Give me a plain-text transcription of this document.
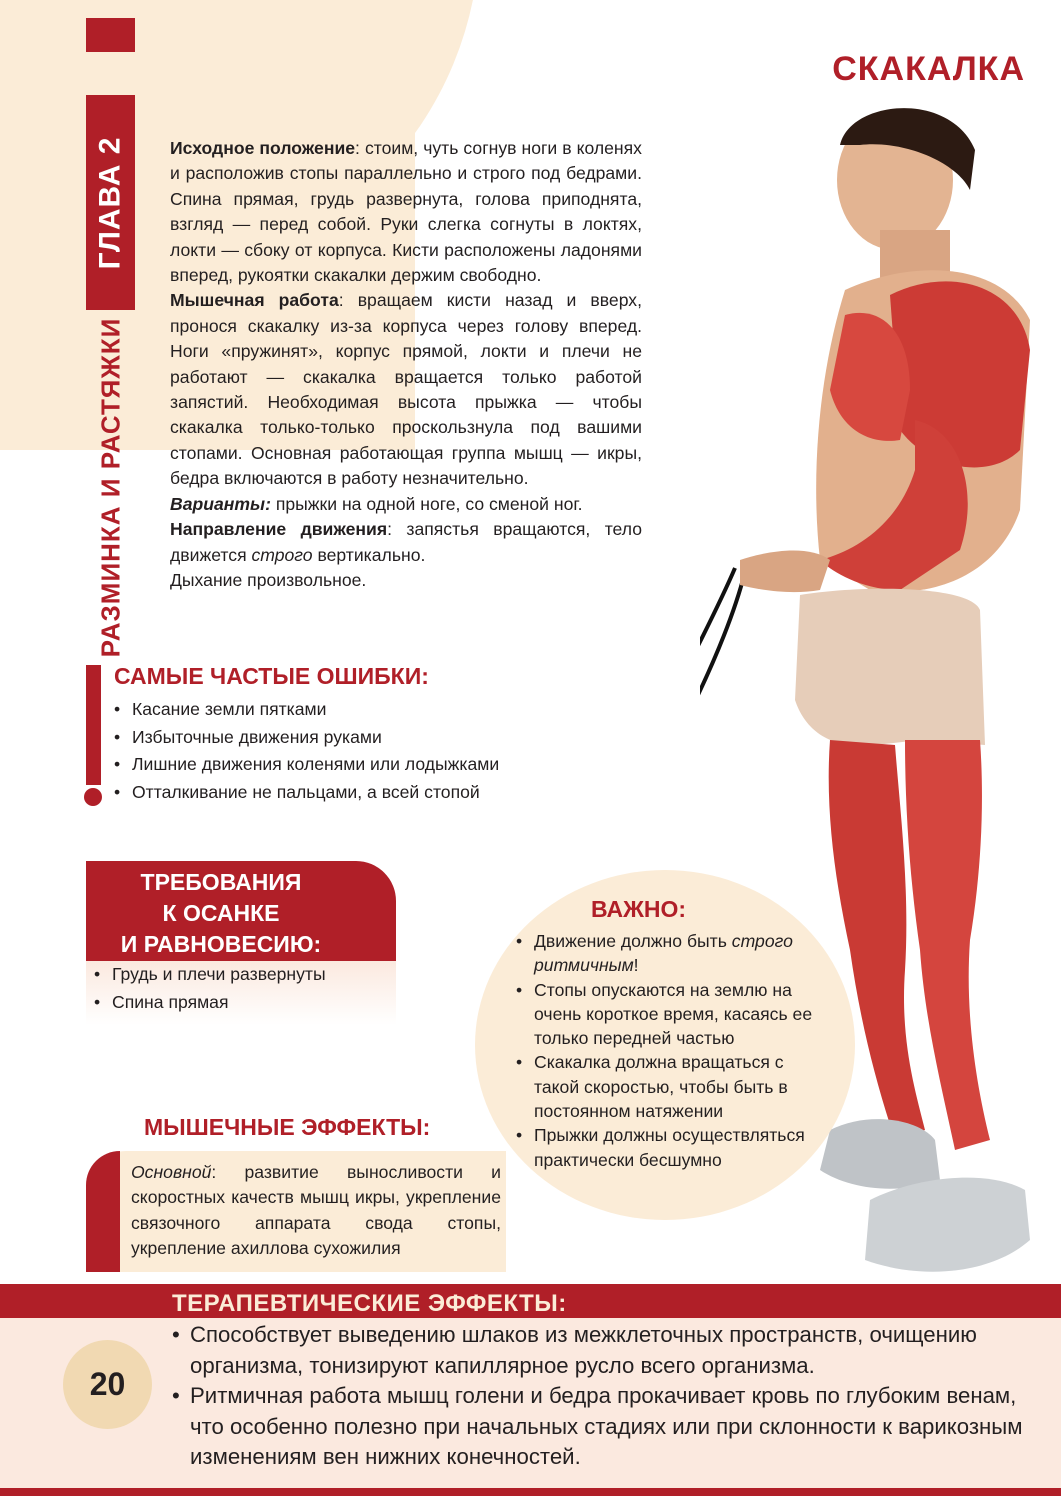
ГЛАВА 2
РАЗМИНКА И РАСТЯЖКИ
СКАКАЛКА

Исходное положение: стоим, чуть согнув ноги в коленях и расположив стопы параллельно и строго под бедрами. Спина прямая, грудь развернута, голова приподнята, взгляд — перед собой. Руки слегка согнуты в локтях, локти — сбоку от корпуса. Кисти расположены ладонями вперед, рукоятки скакалки держим свободно.

Мышечная работа: вращаем кисти назад и вверх, пронося скакалку из-за корпуса через голову вперед. Ноги «пружинят», корпус прямой, локти и плечи не работают — скакалка вращается только работой запястий. Необходимая высота прыжка — чтобы скакалка только-только проскользнула под вашими стопами. Основная работающая группа мышц — икры, бедра включаются в работу незначительно.

Варианты: прыжки на одной ноге, со сменой ног.

Направление движения: запястья вращаются, тело движется строго вертикально.

Дыхание произвольное.

САМЫЕ ЧАСТЫЕ ОШИБКИ:
• Касание земли пятками
• Избыточные движения руками
• Лишние движения коленями или лодыжками
• Отталкивание не пальцами, а всей стопой
ТРЕБОВАНИЯ
К ОСАНКЕ
И РАВНОВЕСИЮ:
• Грудь и плечи развернуты
• Спина прямая
ВАЖНО:
• Движение должно быть строго ритмичным!
• Стопы опускаются на землю на очень короткое время, касаясь ее только передней частью
• Скакалка должна вращаться с такой скоростью, чтобы быть в постоянном натяжении
• Прыжки должны осуществляться практически бесшумно
МЫШЕЧНЫЕ ЭФФЕКТЫ:
Основной: развитие выносливости и скоростных качеств мышц икры, укрепление связочного аппарата свода стопы, укрепление ахиллова сухожилия
ТЕРАПЕВТИЧЕСКИЕ ЭФФЕКТЫ:
• Способствует выведению шлаков из межклеточных пространств, очищению организма, тонизируют капиллярное русло всего организма.
• Ритмичная работа мышц голени и бедра прокачивает кровь по глубоким венам, что особенно полезно при начальных стадиях или при склонности к варикозным изменениям вен нижних конечностей.
20
